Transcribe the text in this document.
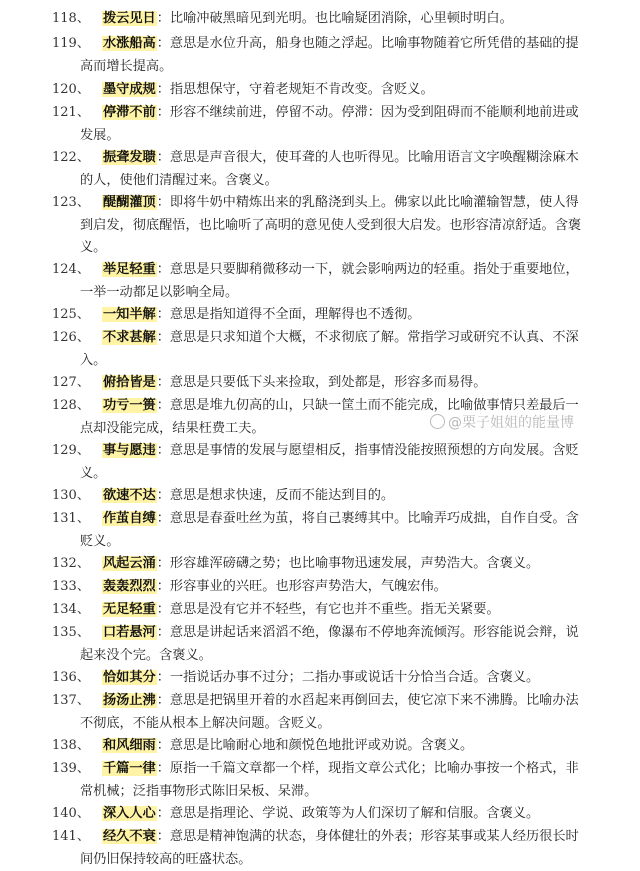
118、 拨云见日：比喻冲破黑暗见到光明。也比喻疑团消除，心里顿时明白。
119、 水涨船高：意思是水位升高，船身也随之浮起。比喻事物随着它所凭借的基础的提
高而增长提高。
120、 墨守成规：指思想保守，守着老规矩不肯改变。含贬义。
121、 停滞不前：形容不继续前进，停留不动。停滞：因为受到阻碍而不能顺利地前进或
发展。
122、 振聋发聩：意思是声音很大，使耳聋的人也听得见。比喻用语言文字唤醒糊涂麻木
的人，使他们清醒过来。含褒义。
123、 醍醐灌顶：即将牛奶中精炼出来的乳酪浇到头上。佛家以此比喻灌输智慧，使人得
到启发，彻底醒悟，也比喻听了高明的意见使人受到很大启发。也形容清凉舒适。含褒
义。
124、 举足轻重：意思是只要脚稍微移动一下，就会影响两边的轻重。指处于重要地位，
一举一动都足以影响全局。
125、 一知半解：意思是指知道得不全面，理解得也不透彻。
126、 不求甚解：意思是只求知道个大概，不求彻底了解。常指学习或研究不认真、不深
入。
127、 俯拾皆是：意思是只要低下头来捡取，到处都是，形容多而易得。
128、 功亏一篑：意思是堆九仞高的山，只缺一筐土而不能完成，比喻做事情只差最后一
点却没能完成，结果枉费工夫。
129、 事与愿违：意思是事情的发展与愿望相反，指事情没能按照预想的方向发展。含贬
义。
130、 欲速不达：意思是想求快速，反而不能达到目的。
131、 作茧自缚：意思是春蚕吐丝为茧，将自己裹缚其中。比喻弄巧成拙，自作自受。含
贬义。
132、 风起云涌：形容雄浑磅礴之势；也比喻事物迅速发展，声势浩大。含褒义。
133、 轰轰烈烈：形容事业的兴旺。也形容声势浩大，气魄宏伟。
134、 无足轻重：意思是没有它并不轻些，有它也并不重些。指无关紧要。
135、 口若悬河：意思是讲起话来滔滔不绝，像瀑布不停地奔流倾泻。形容能说会辩，说
起来没个完。含褒义。
136、 恰如其分：一指说话办事不过分；二指办事或说话十分恰当合适。含褒义。
137、 扬汤止沸：意思是把锅里开着的水舀起来再倒回去，使它凉下来不沸腾。比喻办法
不彻底，不能从根本上解决问题。含贬义。
138、 和风细雨：意思是比喻耐心地和颜悦色地批评或劝说。含褒义。
139、 千篇一律：原指一千篇文章都一个样，现指文章公式化；比喻办事按一个格式，非
常机械；泛指事物形式陈旧呆板、呆滞。
140、 深入人心：意思是指理论、学说、政策等为人们深切了解和信服。含褒义。
141、 经久不衰：意思是精神饱满的状态，身体健壮的外表；形容某事或某人经历很长时
间仍旧保持较高的旺盛状态。
@栗子姐姐的能量博
